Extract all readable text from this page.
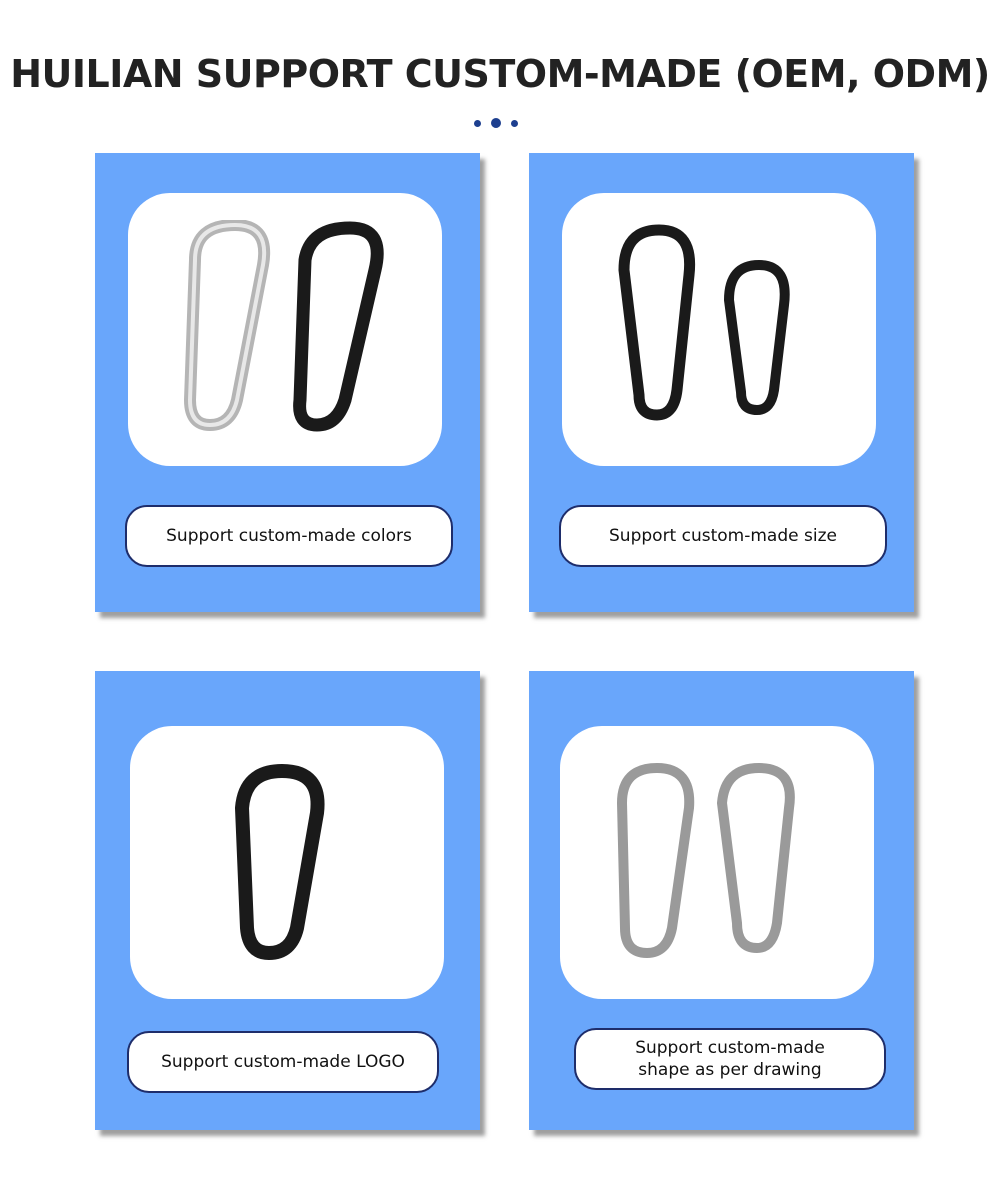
HUILIAN SUPPORT CUSTOM-MADE (OEM, ODM)
Support custom-made colors	Support custom-made size
LOGO
Support custom-made LOGO
Support custom-made
shape as per drawing
